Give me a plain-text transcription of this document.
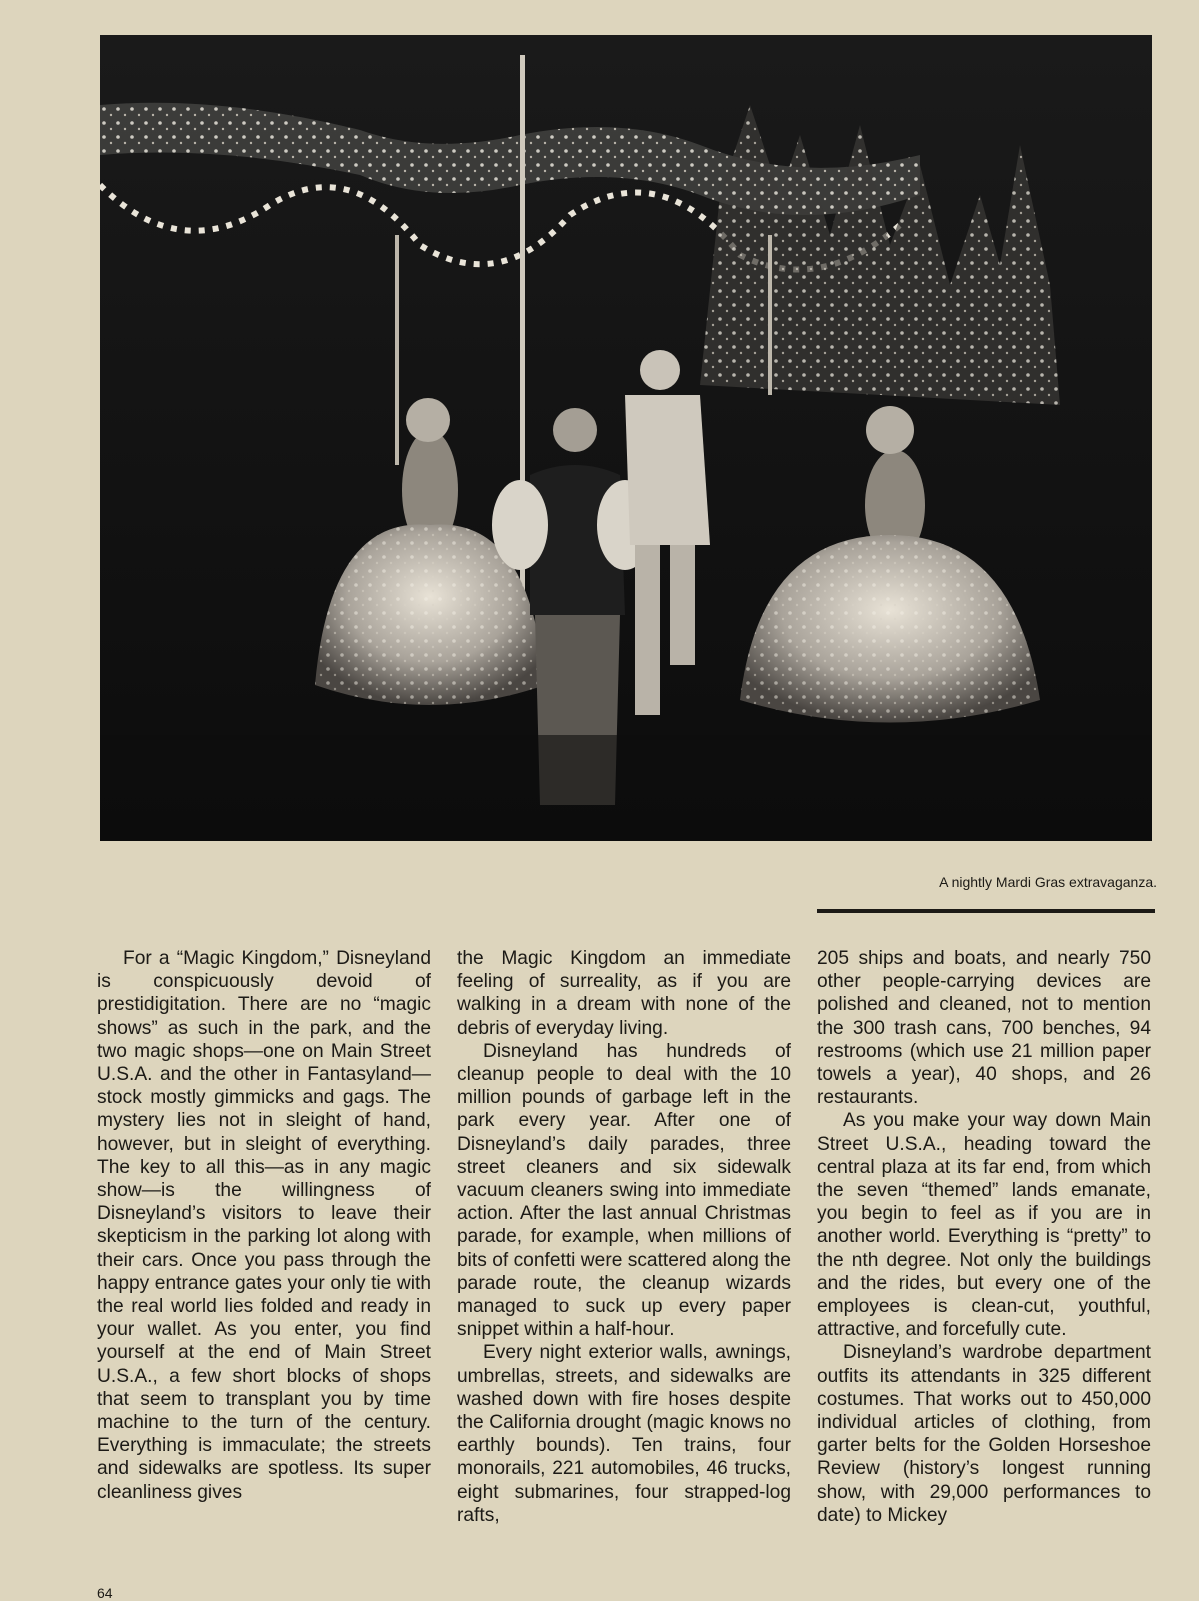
A nightly Mardi Gras extravaganza.

For a “Magic Kingdom,” Disneyland is conspicuously devoid of prestidigitation. There are no “magic shows” as such in the park, and the two magic shops—one on Main Street U.S.A. and the other in Fantasyland—stock mostly gimmicks and gags. The mystery lies not in sleight of hand, however, but in sleight of everything. The key to all this—as in any magic show—is the willingness of Disneyland’s visitors to leave their skepticism in the parking lot along with their cars. Once you pass through the happy entrance gates your only tie with the real world lies folded and ready in your wallet. As you enter, you find yourself at the end of Main Street U.S.A., a few short blocks of shops that seem to transplant you by time machine to the turn of the century. Everything is immaculate; the streets and sidewalks are spotless. Its super cleanliness gives

the Magic Kingdom an immediate feeling of surreality, as if you are walking in a dream with none of the debris of everyday living.

Disneyland has hundreds of cleanup people to deal with the 10 million pounds of garbage left in the park every year. After one of Disneyland’s daily parades, three street cleaners and six sidewalk vacuum cleaners swing into immediate action. After the last annual Christmas parade, for example, when millions of bits of confetti were scattered along the parade route, the cleanup wizards managed to suck up every paper snippet within a half-hour.

Every night exterior walls, awnings, umbrellas, streets, and sidewalks are washed down with fire hoses despite the California drought (magic knows no earthly bounds). Ten trains, four monorails, 221 automobiles, 46 trucks, eight submarines, four strapped-log rafts,

205 ships and boats, and nearly 750 other people-carrying devices are polished and cleaned, not to mention the 300 trash cans, 700 benches, 94 restrooms (which use 21 million paper towels a year), 40 shops, and 26 restaurants.

As you make your way down Main Street U.S.A., heading toward the central plaza at its far end, from which the seven “themed” lands emanate, you begin to feel as if you are in another world. Everything is “pretty” to the nth degree. Not only the buildings and the rides, but every one of the employees is clean-cut, youthful, attractive, and forcefully cute.

Disneyland’s wardrobe department outfits its attendants in 325 different costumes. That works out to 450,000 individual articles of clothing, from garter belts for the Golden Horseshoe Review (history’s longest running show, with 29,000 performances to date) to Mickey

64
